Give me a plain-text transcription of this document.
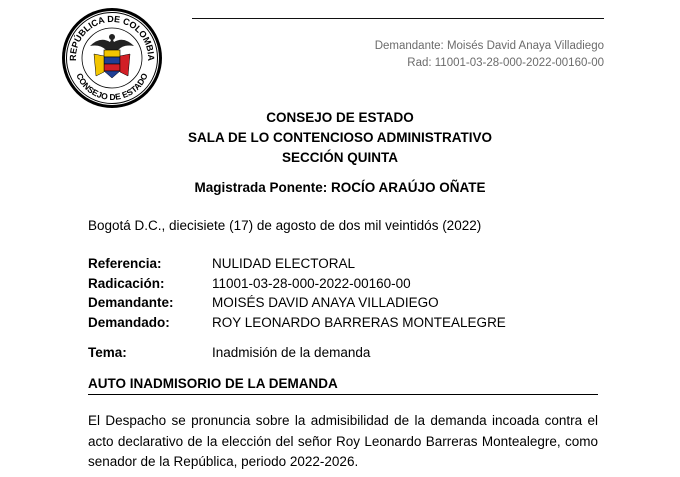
REPÚBLICA DE COLOMBIA
CONSEJO DE ESTADO
Demandante: Moisés David Anaya Villadiego
Rad: 11001-03-28-000-2022-00160-00
CONSEJO DE ESTADO
SALA DE LO CONTENCIOSO ADMINISTRATIVO
SECCIÓN QUINTA
Magistrada Ponente: ROCÍO ARAÚJO OÑATE
Bogotá D.C., diecisiete (17) de agosto de dos mil veintidós (2022)
Referencia:	NULIDAD ELECTORAL
Radicación:	11001-03-28-000-2022-00160-00
Demandante:	MOISÉS DAVID ANAYA VILLADIEGO
Demandado:	ROY LEONARDO BARRERAS MONTEALEGRE
Tema:	Inadmisión de la demanda
AUTO INADMISORIO DE LA DEMANDA

El Despacho se pronuncia sobre la admisibilidad de la demanda incoada contra el acto declarativo de la elección del señor Roy Leonardo Barreras Montealegre, como senador de la República, periodo 2022-2026.
